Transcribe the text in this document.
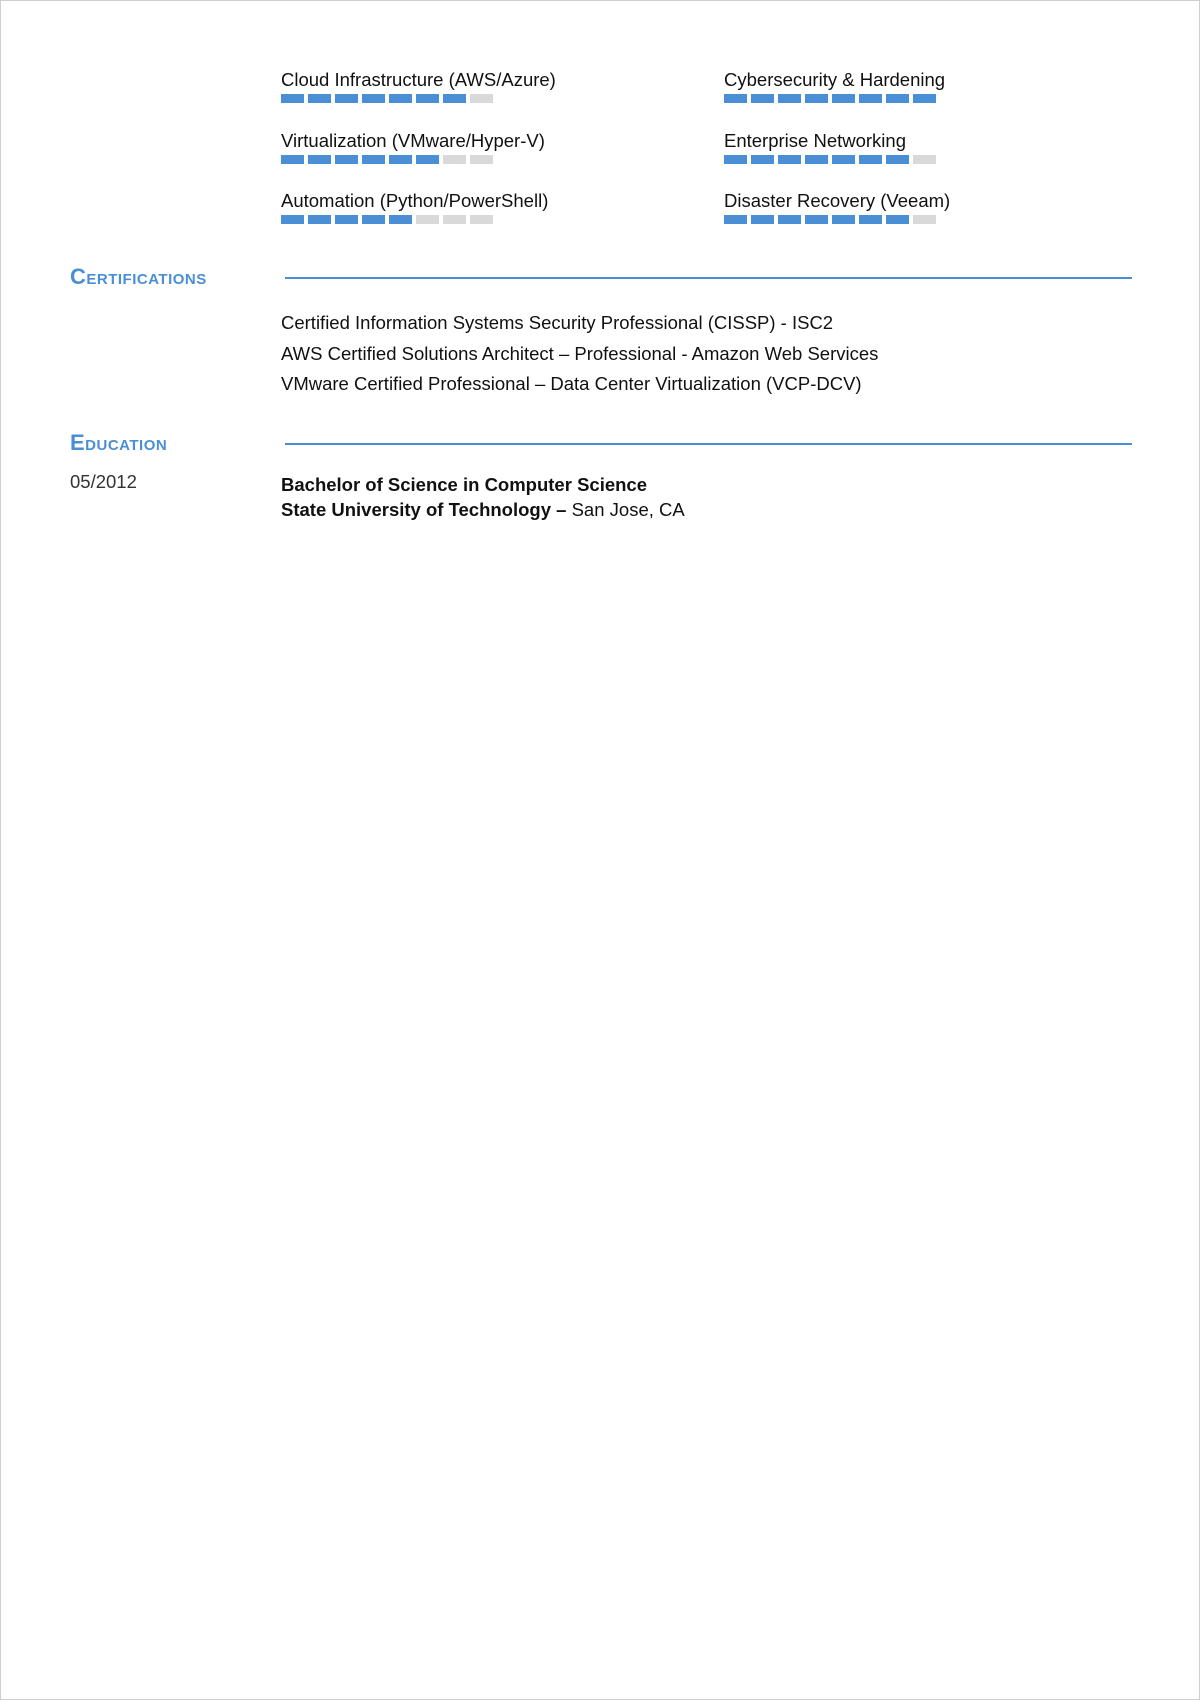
Cloud Infrastructure (AWS/Azure)
Virtualization (VMware/Hyper-V)
Automation (Python/PowerShell)
Cybersecurity & Hardening
Enterprise Networking
Disaster Recovery (Veeam)
Certifications
Certified Information Systems Security Professional (CISSP) - ISC2
AWS Certified Solutions Architect – Professional - Amazon Web Services
VMware Certified Professional – Data Center Virtualization (VCP-DCV)
Education
05/2012	Bachelor of Science in Computer Science
State University of Technology – San Jose, CA
